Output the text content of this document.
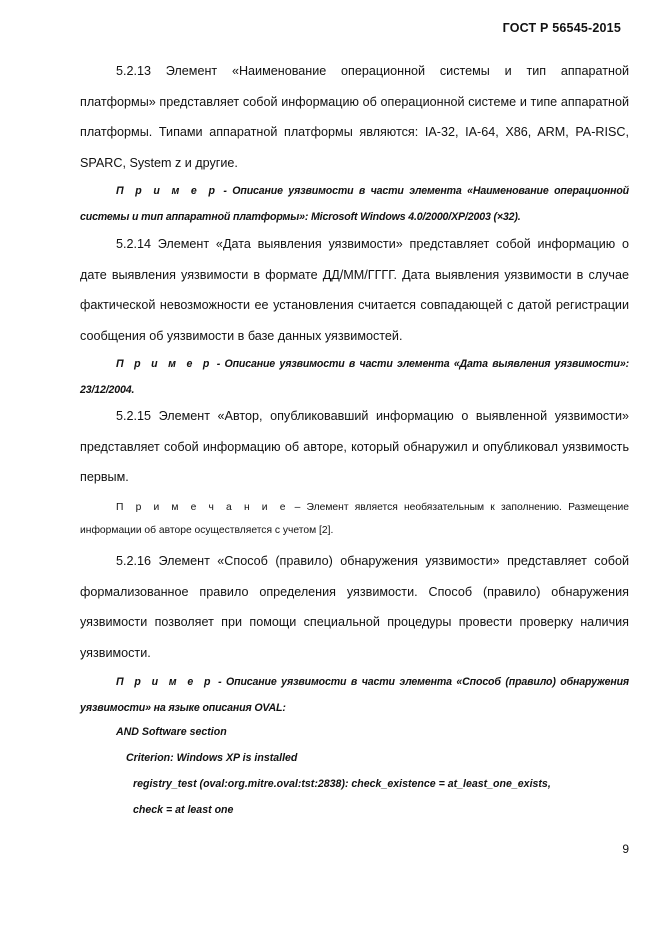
ГОСТ Р 56545-2015

5.2.13 Элемент «Наименование операционной системы и тип аппаратной платформы» представляет собой информацию об операционной системе и типе аппаратной платформы. Типами аппаратной платформы являются: IA-32, IA-64, X86, ARM, PA-RISC, SPARC, System z и другие.

П р и м е р - Описание уязвимости в части элемента «Наименование операционной системы и тип аппаратной платформы»: Microsoft Windows 4.0/2000/XP/2003 (×32).

5.2.14 Элемент «Дата выявления уязвимости» представляет собой информацию о дате выявления уязвимости в формате ДД/ММ/ГГГГ. Дата выявления уязвимости в случае фактической невозможности ее установления считается совпадающей с датой регистрации сообщения об уязвимости в базе данных уязвимостей.

П р и м е р - Описание уязвимости в части элемента «Дата выявления уязвимости»: 23/12/2004.

5.2.15 Элемент «Автор, опубликовавший информацию о выявленной уязвимости» представляет собой информацию об авторе, который обнаружил и опубликовал уязвимость первым.

П р и м е ч а н и е – Элемент является необязательным к заполнению. Размещение информации об авторе осуществляется с учетом [2].

5.2.16 Элемент «Способ (правило) обнаружения уязвимости» представляет собой формализованное правило определения уязвимости. Способ (правило) обнаружения уязвимости позволяет при помощи специальной процедуры провести проверку наличия уязвимости.

П р и м е р - Описание уязвимости в части элемента «Способ (правило) обнаружения уязвимости» на языке описания OVAL:

AND Software section
Criterion: Windows XP is installed
registry_test (oval:org.mitre.oval:tst:2838): check_existence = at_least_one_exists,
check = at least one
9
